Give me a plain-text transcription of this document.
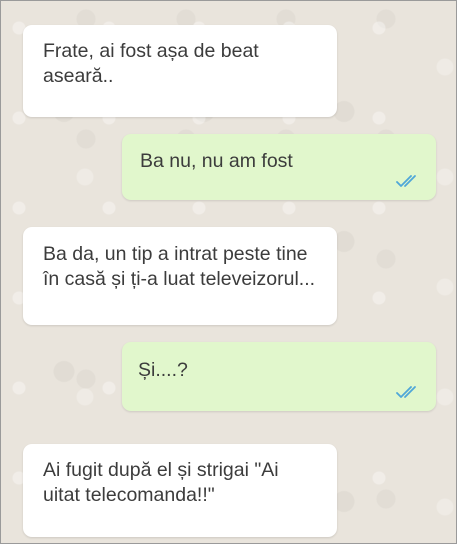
Frate, ai fost așa de beat
aseară..
Ba nu, nu am fost
Ba da, un tip a intrat peste tine
în casă și ți-a luat televeizorul...
Și....?
Ai fugit după el și strigai "Ai
uitat telecomanda!!"
